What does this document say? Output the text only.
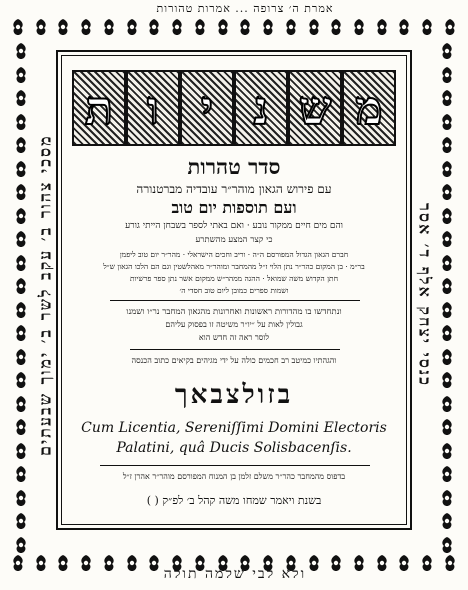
אמרת ה׳ צרופה ... אמרות טהורות
מסכי צהור ב׳ עקב לשר ב׳ ימוך שבעתים	כנסי יצחק אלף ד׳ אסר
ת ו י נ ש מ
סדר טהרות
עם פירוש הגאון מוהר״ר עובדיה מברטנורה
ועם תוספות יום טוב
והם מים חיים ממקור נובע · ואם באתי לספר בשבחן הייתי גורע
כי קצר המצע מהשתרע
חברם הגאון הגדול המפורסם ה״ה · וריב וחכים הישראלי · מהר״ר יום טוב ליפמן
בר״מ · בן המקום כהר״ר נתן הלוי ז״ל מהמחבר ומוהר״ר מאהלשטין וגם הם הלכו הגאון ש״ל
חתן הקדוש משה שמואל · ההגה ממהר״ש ממקום אשר נתן ספר פרשיות
ושמות ספרים כמובן ליום טוב חסדי ה׳
ונתחדשו בו מהדורות ראשונות ואחרונות מהגאון המחבר נר״ו ושמנו
גבולין לאות על ״יו״ר משיטה זו בפסוק עליהם
לוסר ראה זה חדש הוא
והגהתיו כמיטב רב חכמים כולה על ידי מגיהים בקיאים כתוב הכנסה
בזולצבאך
Cum Licentia, Sereniſſimi Domini Electoris
Palatini, quâ Ducis Solisbacenſis.
בדפוס מהמחבר כהר״ר משלם זלמן בן המנוח המפורסם מוהר״ר אהרן ז״ל
בשנת ויאמר שמחו משה קהל ב׳ לפ״ק ( )
ולא לבי שלמה תולה
